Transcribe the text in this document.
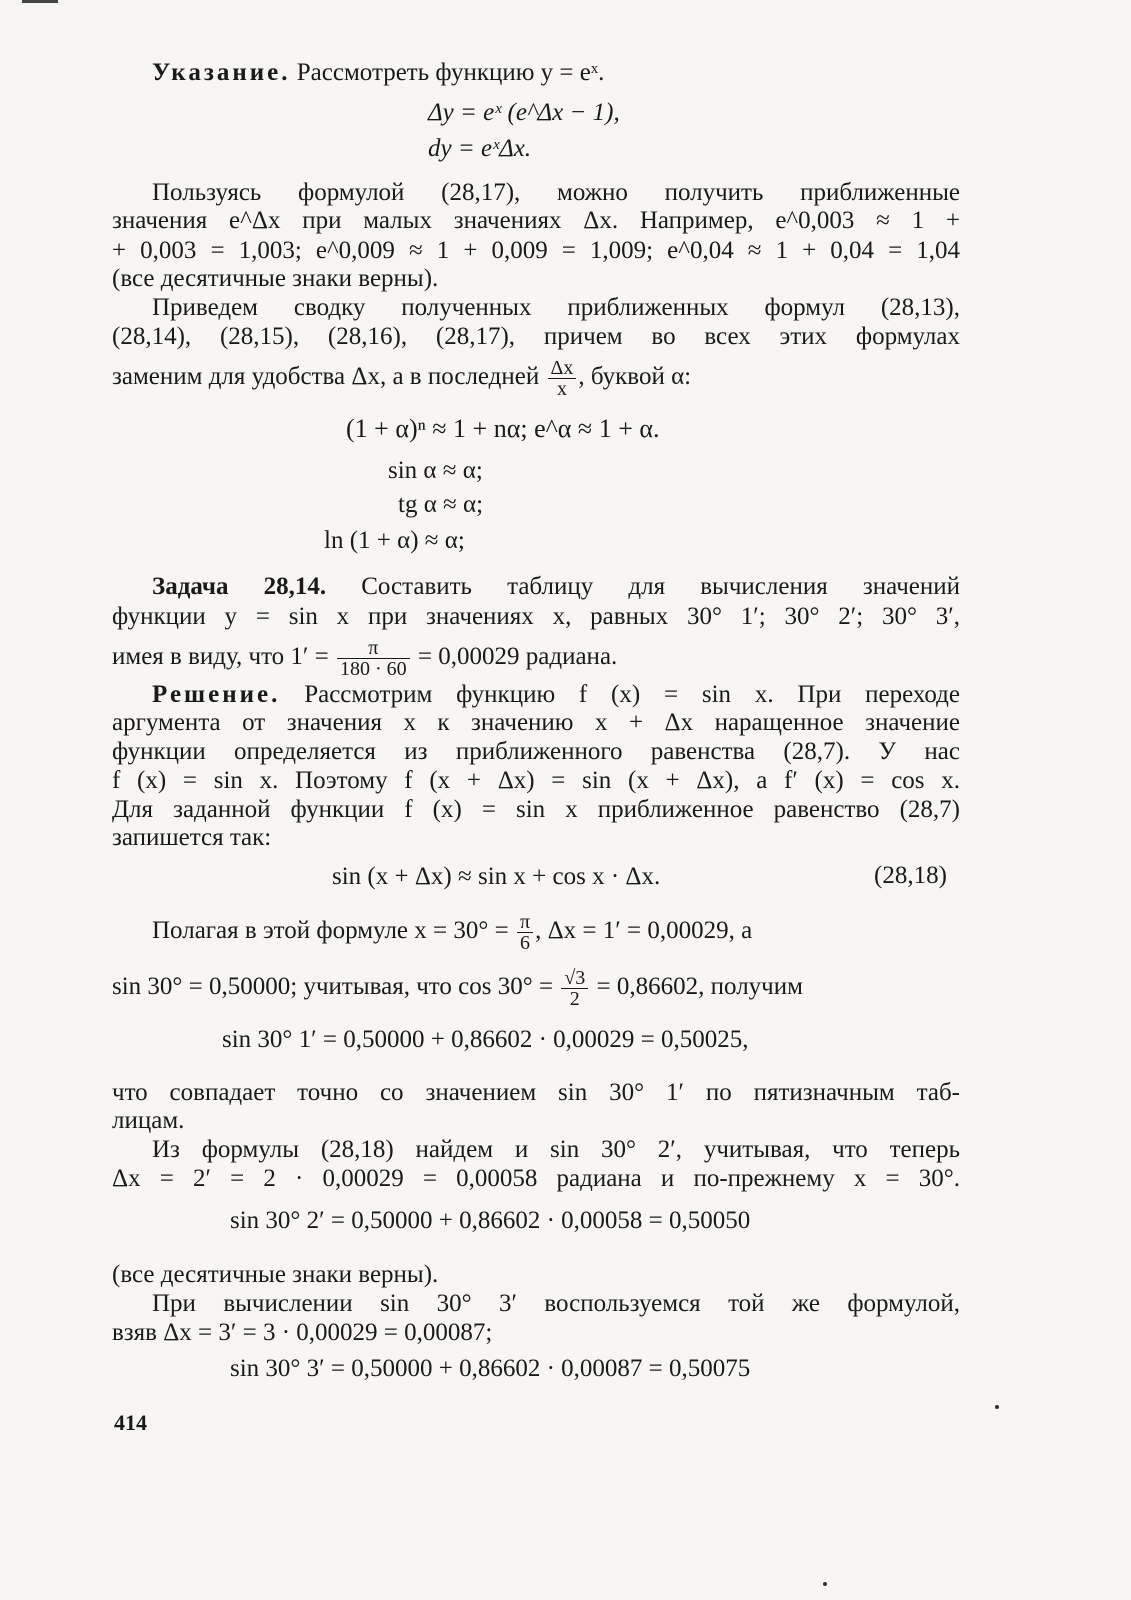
Указание. Рассмотреть функцию y = eˣ.
Δy = eˣ (e^Δx − 1),
dy = eˣΔx.
Пользуясь формулой (28,17), можно получить приближенные
значения e^Δx при малых значениях Δx. Например, e^0,003 ≈ 1 +
+ 0,003 = 1,003; e^0,009 ≈ 1 + 0,009 = 1,009; e^0,04 ≈ 1 + 0,04 = 1,04
(все десятичные знаки верны).
Приведем сводку полученных приближенных формул (28,13),
(28,14), (28,15), (28,16), (28,17), причем во всех этих формулах
заменим для удобства Δx, а в последней $\frac{\Delta x}{x}$ , буквой α:
(1 + α)ⁿ ≈ 1 + nα; e^α ≈ 1 + α.
sin α ≈ α;
tg α ≈ α;
ln (1 + α) ≈ α;
Задача 28,14. Составить таблицу для вычисления значений
функции y = sin x при значениях x, равных 30° 1′; 30° 2′; 30° 3′,
имея в виду, что $1' = \frac{\pi}{180 \cdot 60} = 0,00029$ радиана.
Решение. Рассмотрим функцию f (x) = sin x. При переходе
аргумента от значения x к значению x + Δx наращенное значение
функции определяется из приближенного равенства (28,7). У нас
f (x) = sin x. Поэтому f (x + Δx) = sin (x + Δx), а f′ (x) = cos x.
Для заданной функции f (x) = sin x приближенное равенство (28,7)
запишется так:
sin (x + Δx) ≈ sin x + cos x · Δx.	(28,18)
Полагая в этой формуле $x = 30^\circ = \frac{\pi}{6}$ , Δx = 1′ = 0,00029, а
sin 30° = 0,50000; учитывая, что $\cos 30^\circ = \frac{√3}{2} = 0,86602$, получим
sin 30° 1′ = 0,50000 + 0,86602 · 0,00029 = 0,50025,
что совпадает точно со значением sin 30° 1′ по пятизначным таб-
лицам.
Из формулы (28,18) найдем и sin 30° 2′, учитывая, что теперь
Δx = 2′ = 2 · 0,00029 = 0,00058 радиана и по-прежнему x = 30°.
sin 30° 2′ = 0,50000 + 0,86602 · 0,00058 = 0,50050
(все десятичные знаки верны).
При вычислении sin 30° 3′ воспользуемся той же формулой,
взяв Δx = 3′ = 3 · 0,00029 = 0,00087;
sin 30° 3′ = 0,50000 + 0,86602 · 0,00087 = 0,50075
414
